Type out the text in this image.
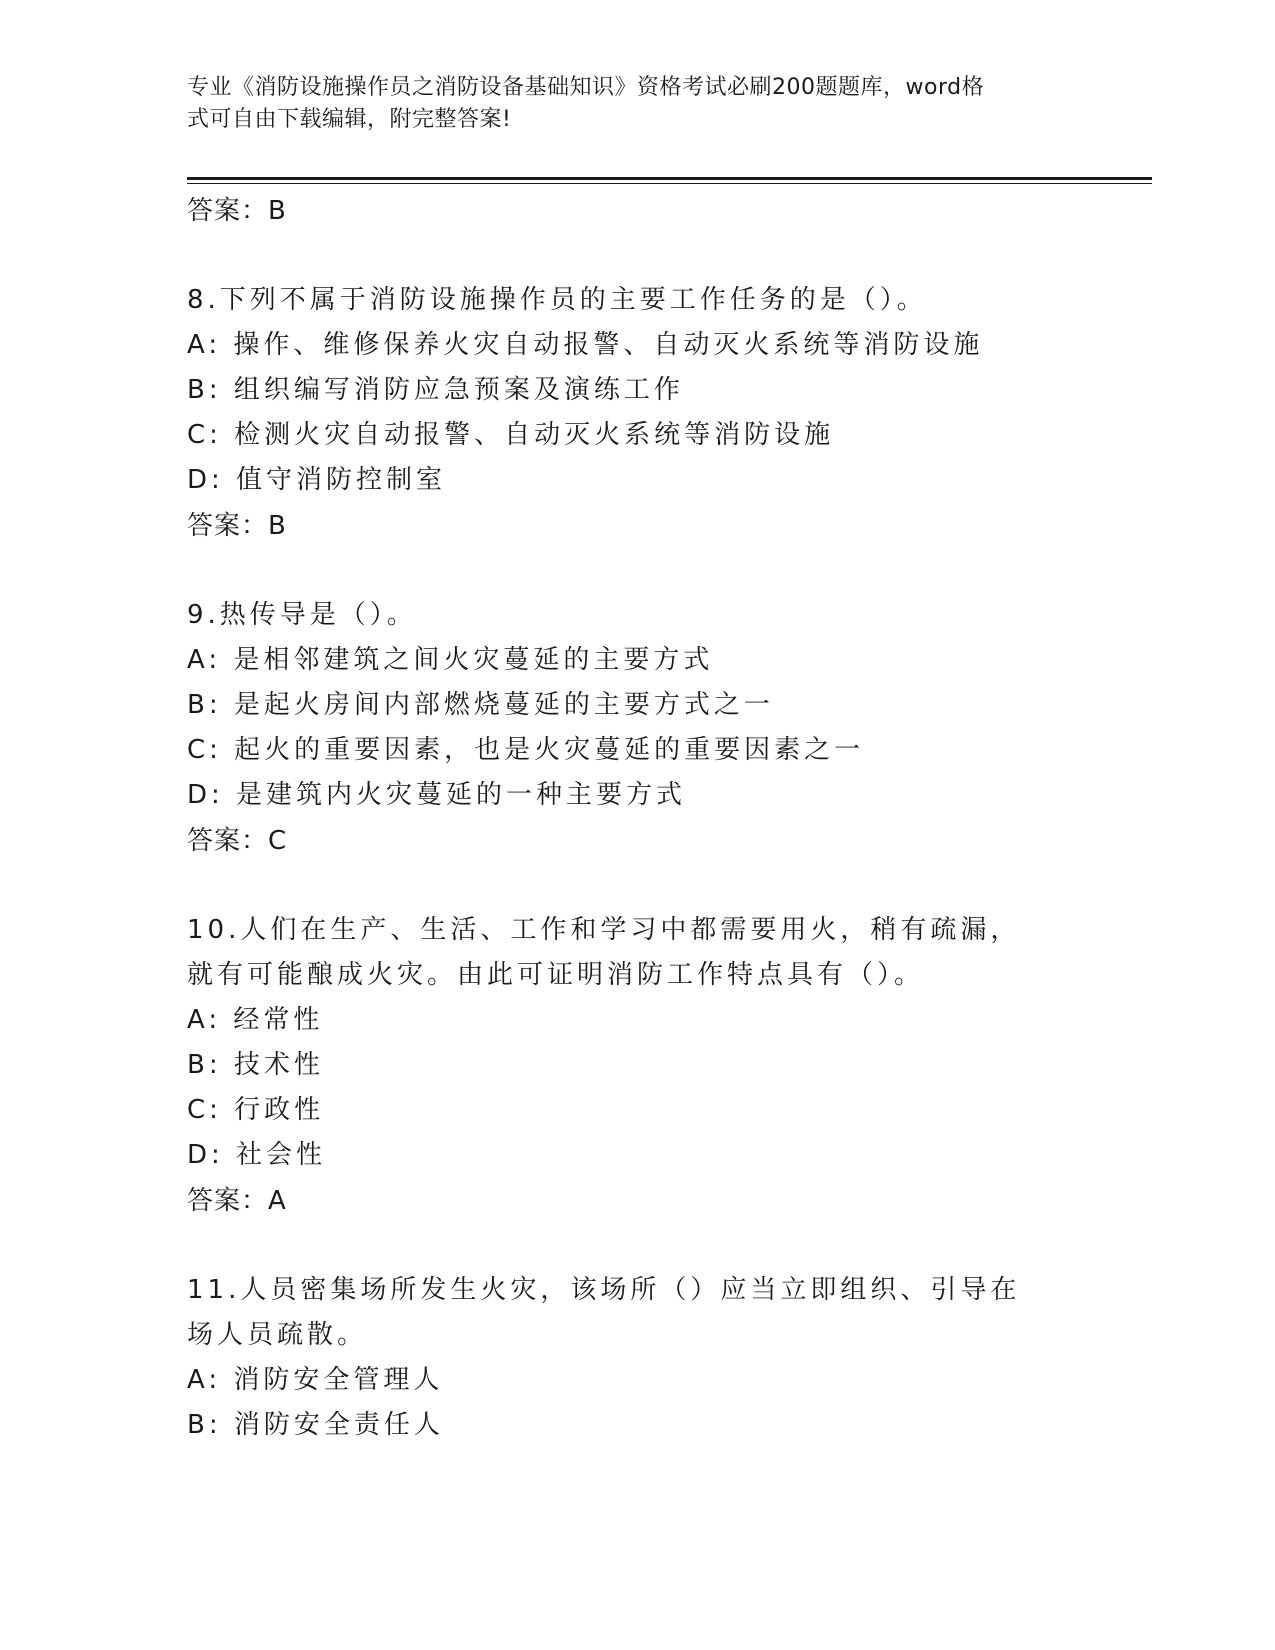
专业《消防设施操作员之消防设备基础知识》资格考试必刷200题题库，word格
式可自由下载编辑，附完整答案!
答案：B
8.下列不属于消防设施操作员的主要工作任务的是（）。
A: 操作、维修保养火灾自动报警、自动灭火系统等消防设施
B: 组织编写消防应急预案及演练工作
C: 检测火灾自动报警、自动灭火系统等消防设施
D: 值守消防控制室
答案：B
9.热传导是（）。
A: 是相邻建筑之间火灾蔓延的主要方式
B: 是起火房间内部燃烧蔓延的主要方式之一
C: 起火的重要因素，也是火灾蔓延的重要因素之一
D: 是建筑内火灾蔓延的一种主要方式
答案：C
10.人们在生产、生活、工作和学习中都需要用火，稍有疏漏，就有可能酿成火灾。由此可证明消防工作特点具有（）。
A: 经常性
B: 技术性
C: 行政性
D: 社会性
答案：A
11.人员密集场所发生火灾，该场所（）应当立即组织、引导在场人员疏散。
A: 消防安全管理人
B: 消防安全责任人
